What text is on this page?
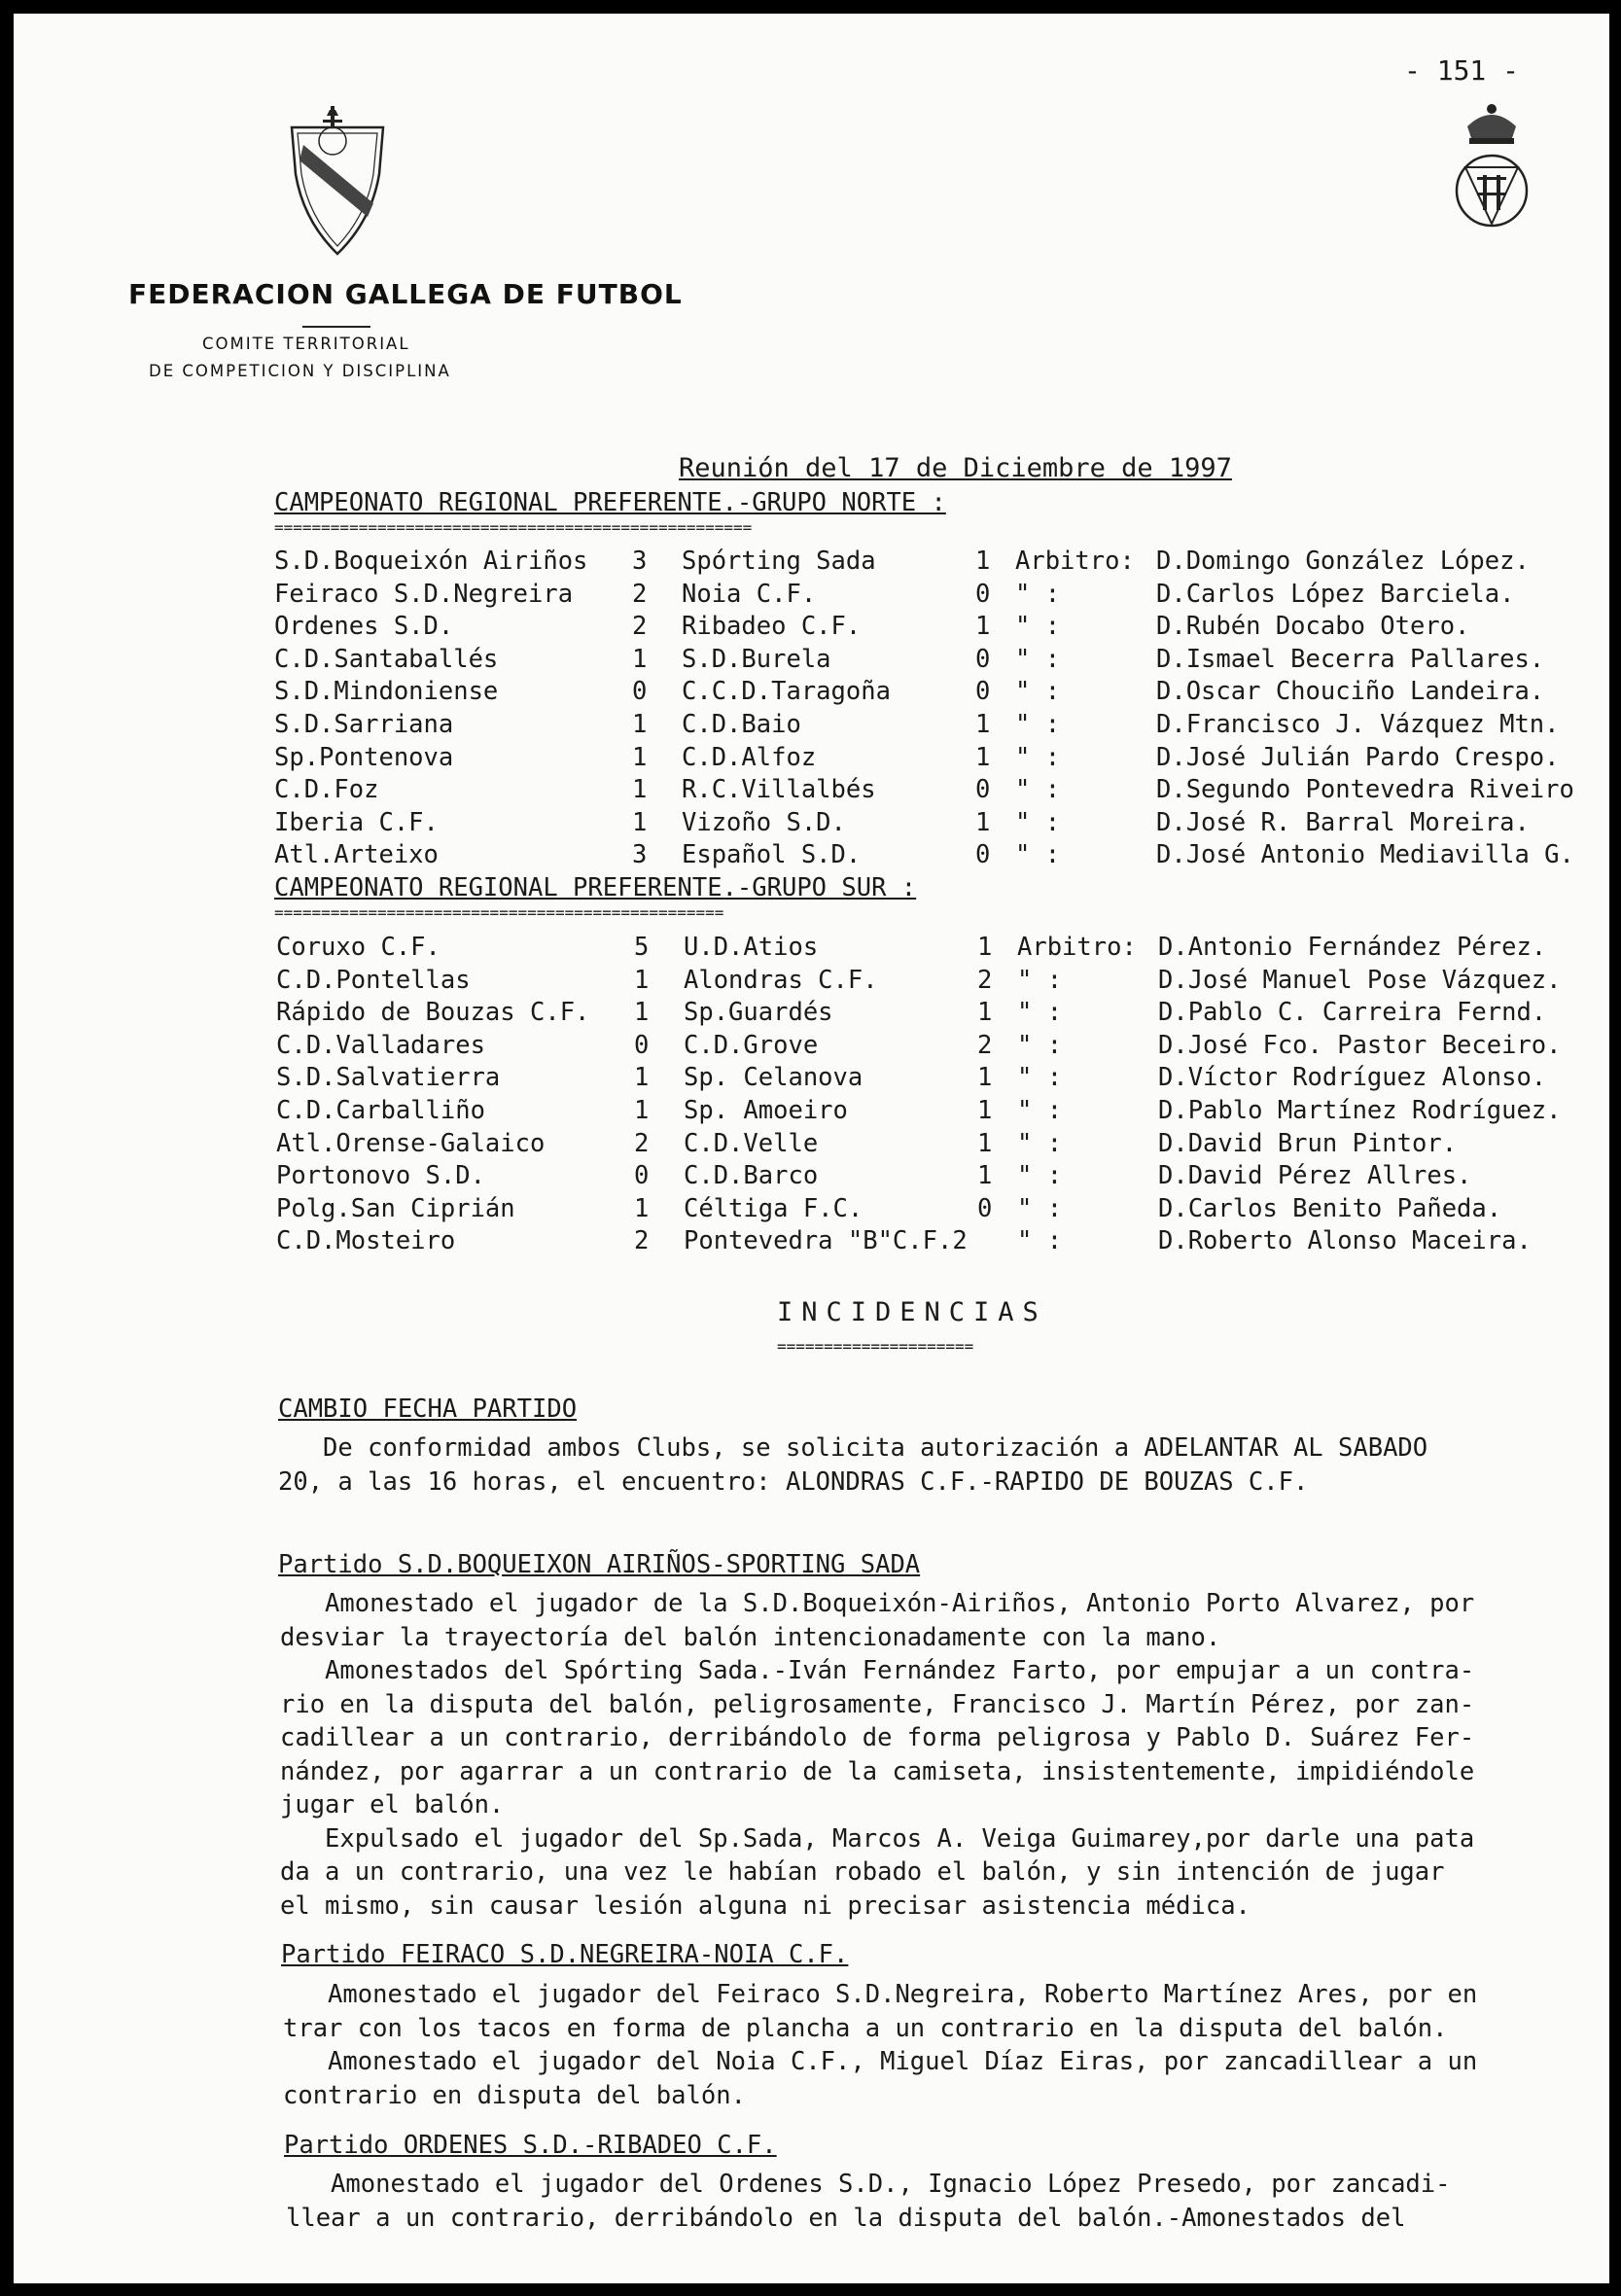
- 151 -
FEDERACION GALLEGA DE FUTBOL
COMITE TERRITORIAL
DE COMPETICION Y DISCIPLINA
Reunión del 17 de Diciembre de 1997
CAMPEONATO REGIONAL PREFERENTE.-GRUPO NORTE :
===================================================
S.D.Boqueixón Airiños 3 Spórting Sada	1 Arbitro: D.Domingo González López.
Feiraco S.D.Negreira 2 Noia C.F.	0 " :	D.Carlos López Barciela.
Ordenes S.D.	2 Ribadeo C.F.	1 " :	D.Rubén Docabo Otero.
C.D.Santaballés	1 S.D.Burela	0 " :	D.Ismael Becerra Pallares.
S.D.Mindoniense	0 C.C.D.Taragoña	0 " :	D.Oscar Chouciño Landeira.
S.D.Sarriana	1 C.D.Baio	1 " :	D.Francisco J. Vázquez Mtn.
Sp.Pontenova	1 C.D.Alfoz	1 " :	D.José Julián Pardo Crespo.
C.D.Foz	1 R.C.Villalbés	0 " :	D.Segundo Pontevedra Riveiro
Iberia C.F.	1 Vizoño S.D.	1 " :	D.José R. Barral Moreira.
Atl.Arteixo	3 Español S.D.	0 " :	D.José Antonio Mediavilla G.
CAMPEONATO REGIONAL PREFERENTE.-GRUPO SUR :
================================================
Coruxo C.F.	5 U.D.Atios	1 Arbitro: D.Antonio Fernández Pérez.
C.D.Pontellas	1 Alondras C.F.	2 " :	D.José Manuel Pose Vázquez.
Rápido de Bouzas C.F. 1 Sp.Guardés	1 " :	D.Pablo C. Carreira Fernd.
C.D.Valladares	0 C.D.Grove	2 " :	D.José Fco. Pastor Beceiro.
S.D.Salvatierra	1 Sp. Celanova	1 " :	D.Víctor Rodríguez Alonso.
C.D.Carballiño	1 Sp. Amoeiro	1 " :	D.Pablo Martínez Rodríguez.
Atl.Orense-Galaico	2 C.D.Velle	1 " :	D.David Brun Pintor.
Portonovo S.D.	0 C.D.Barco	1 " :	D.David Pérez Allres.
Polg.San Ciprián	1 Céltiga F.C.	0 " :	D.Carlos Benito Pañeda.
C.D.Mosteiro	2 Pontevedra "B"C.F.2 " :	D.Roberto Alonso Maceira.
INCIDENCIAS
=====================
CAMBIO FECHA PARTIDO
De conformidad ambos Clubs, se solicita autorización a ADELANTAR AL SABADO
20, a las 16 horas, el encuentro: ALONDRAS C.F.-RAPIDO DE BOUZAS C.F.
Partido S.D.BOQUEIXON AIRIÑOS-SPORTING SADA
Amonestado el jugador de la S.D.Boqueixón-Airiños, Antonio Porto Alvarez, por
desviar la trayectoría del balón intencionadamente con la mano.
Amonestados del Spórting Sada.-Iván Fernández Farto, por empujar a un contra-
rio en la disputa del balón, peligrosamente, Francisco J. Martín Pérez, por zan-
cadillear a un contrario, derribándolo de forma peligrosa y Pablo D. Suárez Fer-
nández, por agarrar a un contrario de la camiseta, insistentemente, impidiéndole
jugar el balón.
Expulsado el jugador del Sp.Sada, Marcos A. Veiga Guimarey,por darle una pata
da a un contrario, una vez le habían robado el balón, y sin intención de jugar
el mismo, sin causar lesión alguna ni precisar asistencia médica.
Partido FEIRACO S.D.NEGREIRA-NOIA C.F.
Amonestado el jugador del Feiraco S.D.Negreira, Roberto Martínez Ares, por en
trar con los tacos en forma de plancha a un contrario en la disputa del balón.
Amonestado el jugador del Noia C.F., Miguel Díaz Eiras, por zancadillear a un
contrario en disputa del balón.
Partido ORDENES S.D.-RIBADEO C.F.
Amonestado el jugador del Ordenes S.D., Ignacio López Presedo, por zancadi-
llear a un contrario, derribándolo en la disputa del balón.-Amonestados del
